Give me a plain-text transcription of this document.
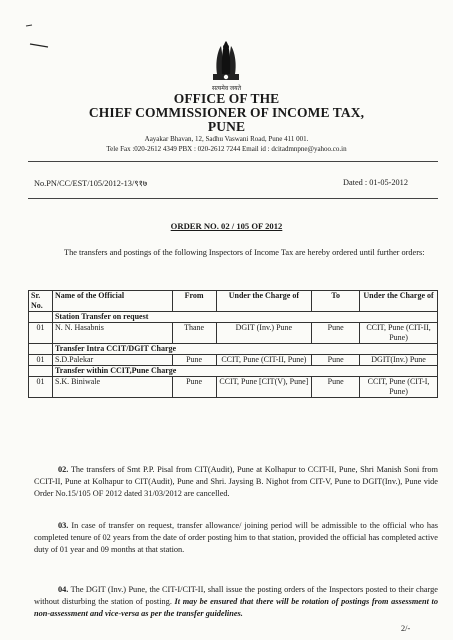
सत्यमेव जयते
OFFICE OF THE
CHIEF COMMISSIONER OF INCOME TAX,
PUNE
Aayakar Bhavan, 12, Sadhu Vaswani Road, Pune 411 001.
Tele Fax :020-2612 4349 PBX : 020-2612 7244 Email id : dcitadmnpne@yahoo.co.in
No.PN/CC/EST/105/2012-13/९१७	Dated : 01-05-2012
ORDER NO. 02 / 105 OF 2012

The transfers and postings of the following Inspectors of Income Tax are hereby ordered until further orders:

Sr. No.	Name of the Official	From	Under the Charge of	To	Under the Charge of
	Station Transfer on request				
01	N. N. Hasabnis	Thane	DGIT (Inv.) Pune	Pune	CCIT, Pune (CIT-II, Pune)
	Transfer Intra CCIT/DGIT Charge				
01	S.D.Palekar	Pune	CCIT, Pune (CIT-II, Pune)	Pune	DGIT(Inv.) Pune
	Transfer within CCIT,Pune Charge				
01	S.K. Biniwale	Pune	CCIT, Pune [CIT(V), Pune]	Pune	CCIT, Pune (CIT-I, Pune)

02. The transfers of Smt P.P. Pisal from CIT(Audit), Pune at Kolhapur to CCIT-II, Pune, Shri Manish Soni from CCIT-II, Pune at Kolhapur to CIT(Audit), Pune and Shri. Jaysing B. Nighot from CIT-V, Pune to DGIT(Inv.), Pune vide Order No.15/105 OF 2012 dated 31/03/2012 are cancelled.

03. In case of transfer on request, transfer allowance/ joining period will be admissible to the official who has completed tenure of 02 years from the date of order posting him to that station, provided the official has completed active duty of 01 year and 09 months at that station.

04. The DGIT (Inv.) Pune, the CIT-I/CIT-II, shall issue the posting orders of the Inspectors posted to their charge without disturbing the station of posting. It may be ensured that there will be rotation of postings from assessment to non-assessment and vice-versa as per the transfer guidelines.

2/-
